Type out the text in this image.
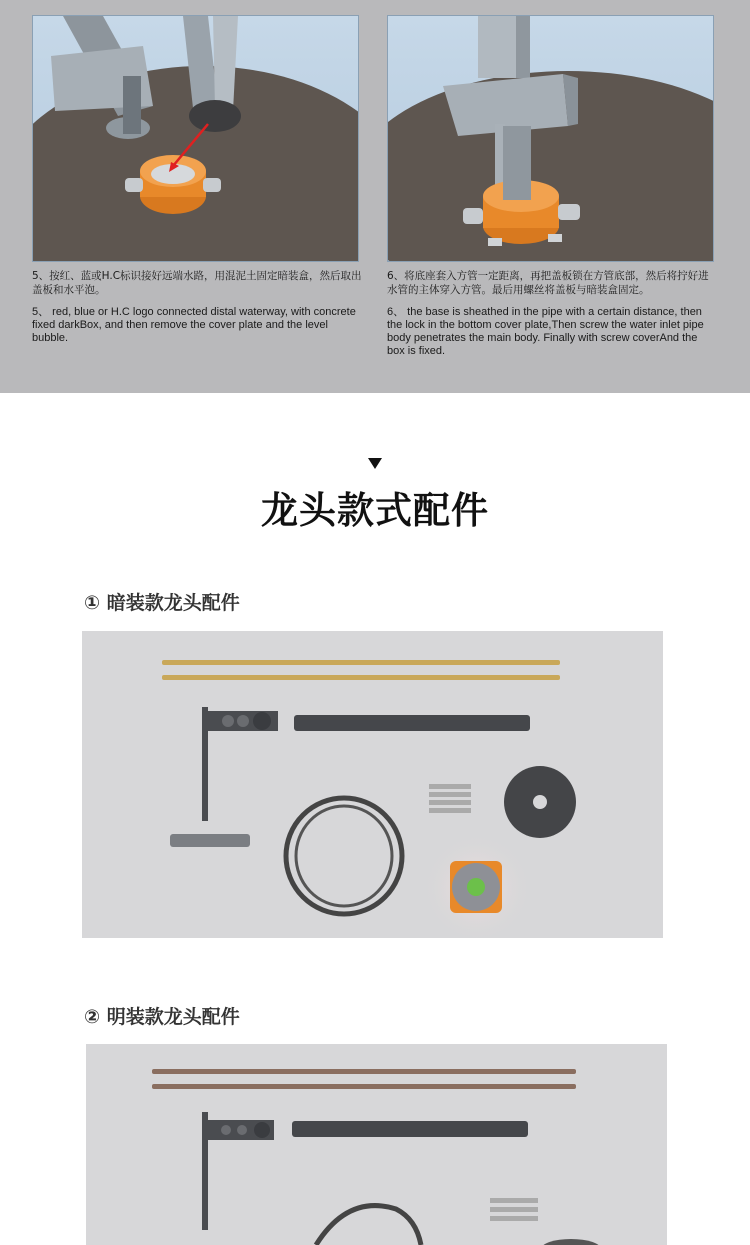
5、按红、蓝或H.C标识接好远端水路，用混泥土固定暗装盒，然后取出盖板和水平泡。

5、 red, blue or H.C logo connected distal waterway, with concrete fixed darkBox, and then remove the cover plate and the level bubble.

6、将底座套入方管一定距离，再把盖板锁在方管底部，然后将拧好进水管的主体穿入方管。最后用螺丝将盖板与暗装盒固定。

6、 the base is sheathed in the pipe with a certain distance, then the lock in the bottom cover plate,Then screw the water inlet pipe body penetrates the main body. Finally with screw coverAnd the box is fixed.

龙头款式配件
① 暗装款龙头配件
② 明装款龙头配件
